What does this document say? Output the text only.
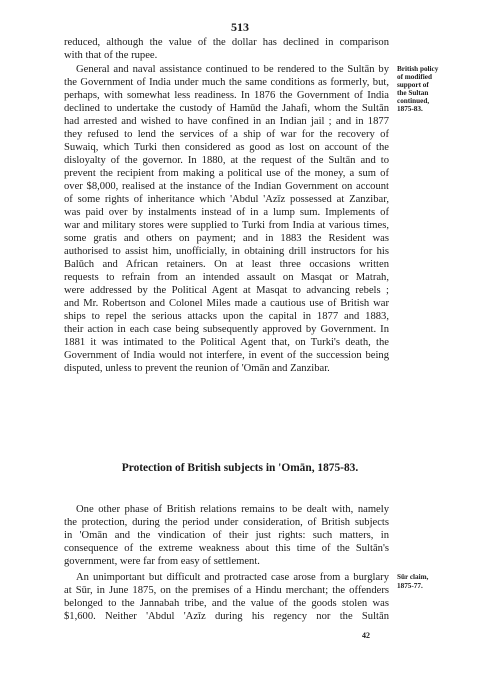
513
reduced, although the value of the dollar has declined in comparison
with that of the rupee.
General and naval assistance continued to be rendered to the Sultān by
the Government of India under much the same conditions as formerly, but,
perhaps, with somewhat less readiness. In 1876 the Government of India
declined to undertake the custody of Hamūd the Jahafi, whom the Sultān
had arrested and wished to have confined in an Indian jail ; and in 1877
they refused to lend the services of a ship of war for the recovery of
Suwaiq, which Turki then considered as good as lost on account of the
disloyalty of the governor. In 1880, at the request of the Sultān and to
prevent the recipient from making a political use of the money, a sum of
over $8,000, realised at the instance of the Indian Government on account
of some rights of inheritance which 'Abdul 'Azīz possessed at Zanzibar,
was paid over by instalments instead of in a lump sum. Implements of
war and military stores were supplied to Turki from India at various times,
some gratis and others on payment; and in 1883 the Resident was
authorised to assist him, unofficially, in obtaining drill instructors for his
Balūch and African retainers. On at least three occasions written
requests to refrain from an intended assault on Masqat or Matrah,
were addressed by the Political Agent at Masqat to advancing rebels ;
and Mr. Robertson and Colonel Miles made a cautious use of British war
ships to repel the serious attacks upon the capital in 1877 and 1883,
their action in each case being subsequently approved by Government. In
1881 it was intimated to the Political Agent that, on Turki's death, the
British policy
of modified
support of
the Sultan
continued,
1875-83.
Government of India would not interfere, in event of the succession being
disputed, unless to prevent the reunion of 'Omān and Zanzibar.
Protection of British subjects in 'Omān, 1875-83.
One other phase of British relations remains to be dealt with, namely
the protection, during the period under consideration, of British subjects
in 'Omān and the vindication of their just rights: such matters, in
consequence of the extreme weakness about this time of the Sultān's
government, were far from easy of settlement.
An unimportant but difficult and protracted case arose from a burglary
at Sūr, in June 1875, on the premises of a Hindu merchant; the offenders
belonged to the Jannabah tribe, and the value of the goods stolen was
$1,600. Neither 'Abdul 'Azīz during his regency nor the Sultān
Sūr claim,
1875-77.
42
